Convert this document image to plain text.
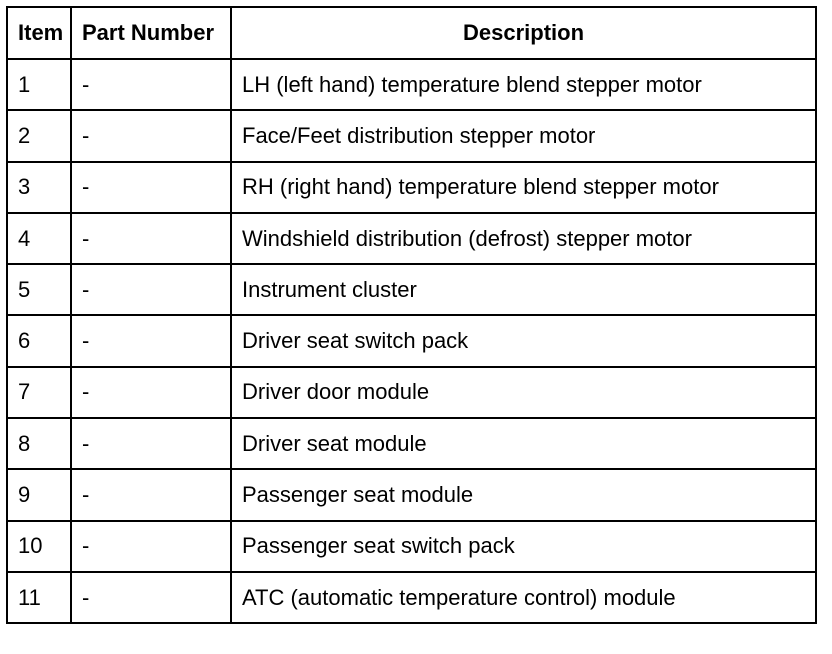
Item	Part Number	Description
1	-	LH (left hand) temperature blend stepper motor
2	-	Face/Feet distribution stepper motor
3	-	RH (right hand) temperature blend stepper motor
4	-	Windshield distribution (defrost) stepper motor
5	-	Instrument cluster
6	-	Driver seat switch pack
7	-	Driver door module
8	-	Driver seat module
9	-	Passenger seat module
10	-	Passenger seat switch pack
11	-	ATC (automatic temperature control) module
